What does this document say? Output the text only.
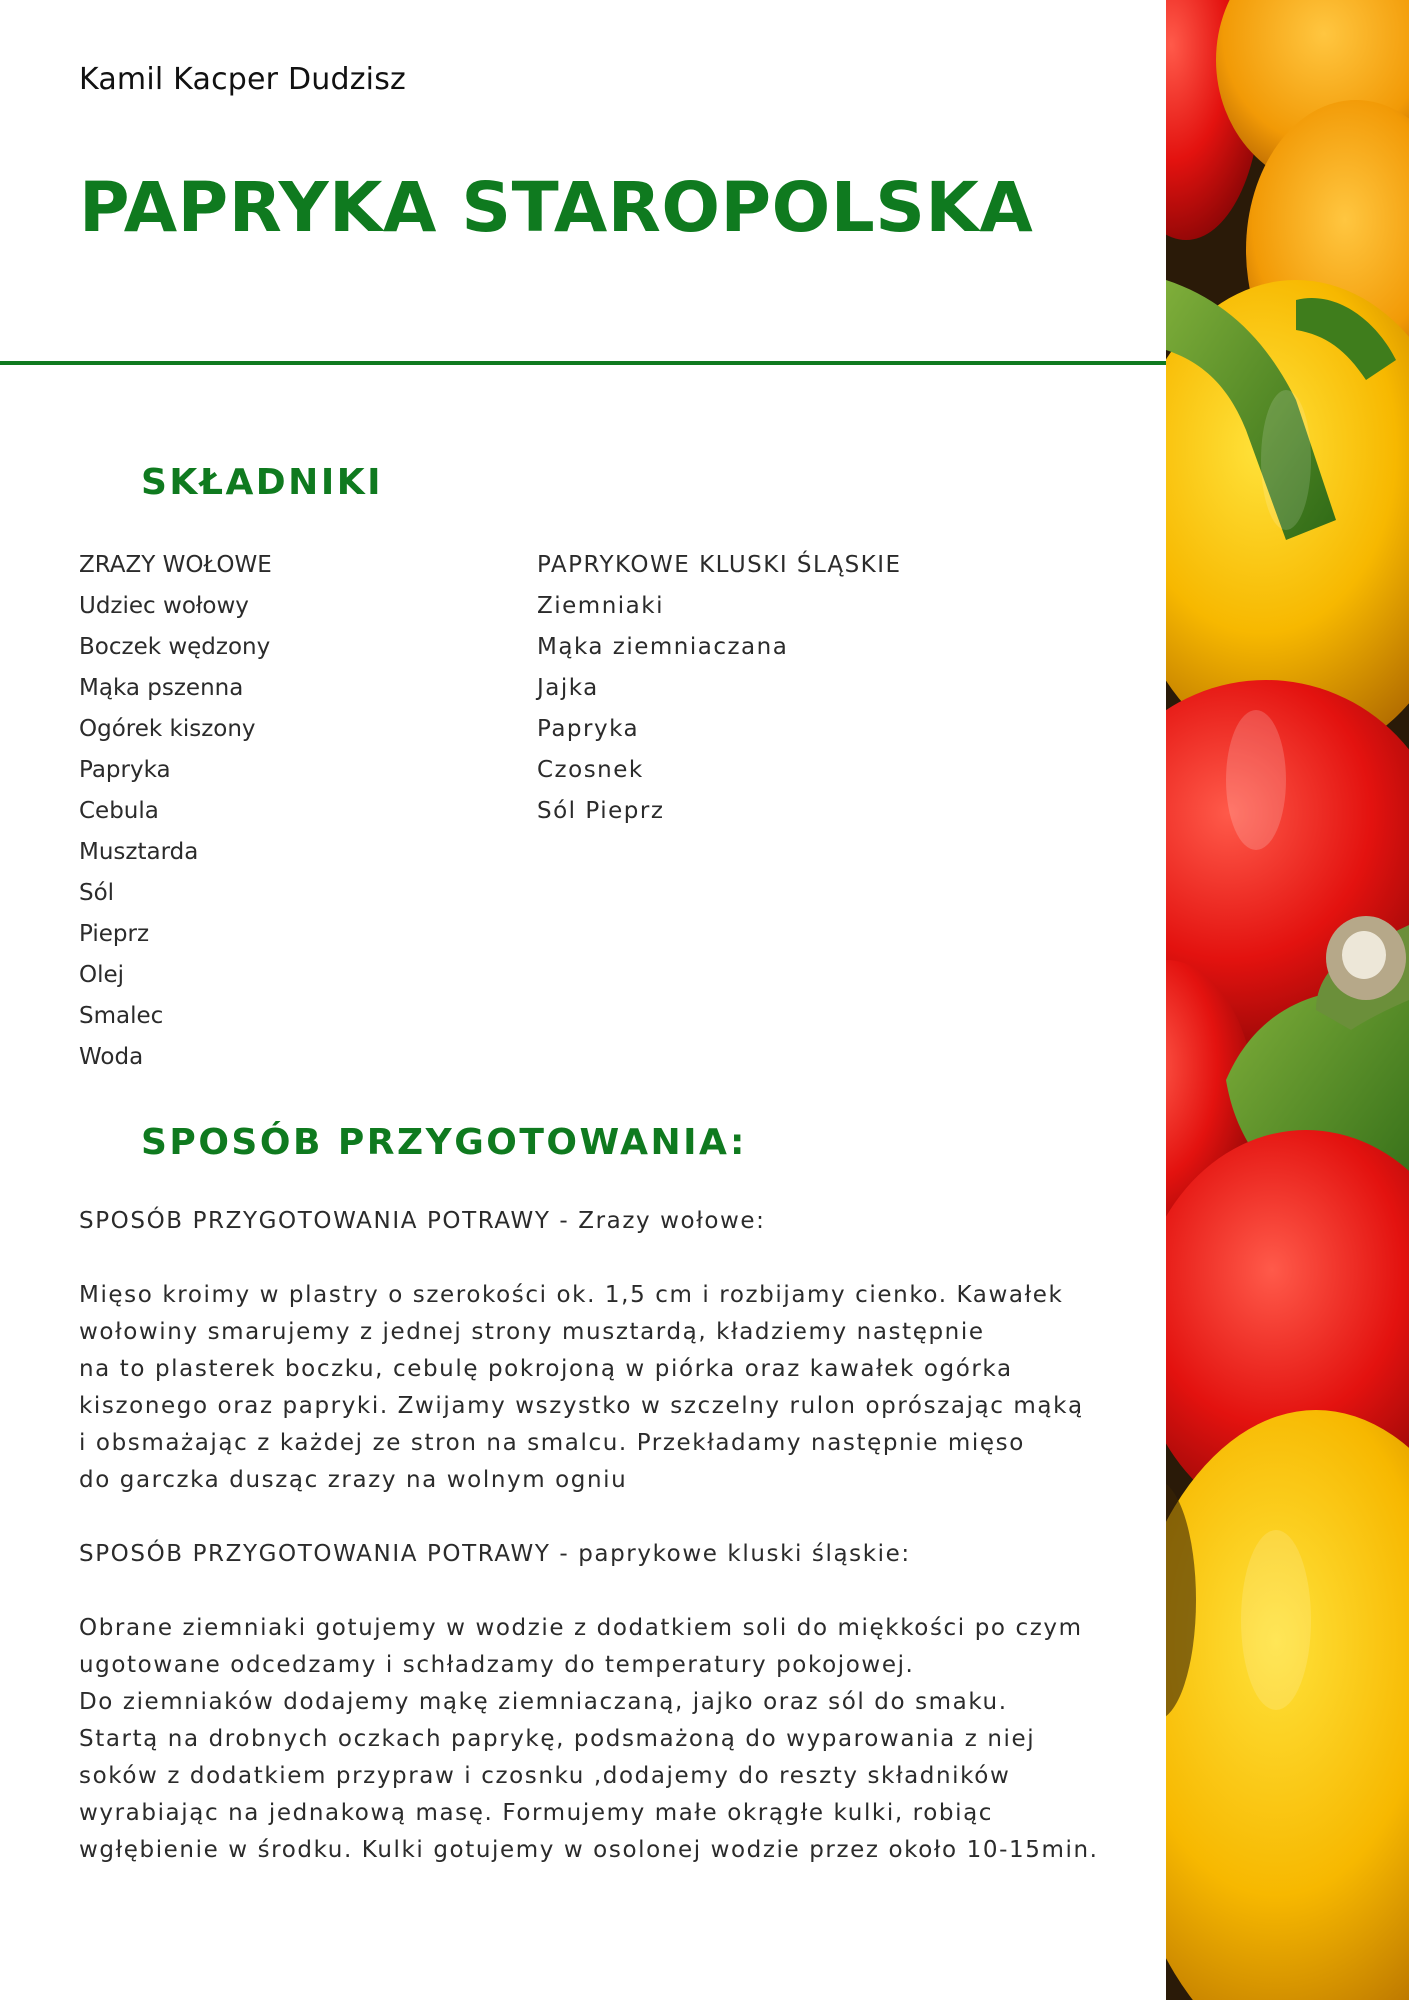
Kamil Kacper Dudzisz
PAPRYKA STAROPOLSKA
SKŁADNIKI
ZRAZY WOŁOWE
Udziec wołowy
Boczek wędzony
Mąka pszenna
Ogórek kiszony
Papryka
Cebula
Musztarda
Sól
Pieprz
Olej
Smalec
Woda
PAPRYKOWE KLUSKI ŚLĄSKIE
Ziemniaki
Mąka ziemniaczana
Jajka
Papryka
Czosnek
Sól Pieprz
SPOSÓB PRZYGOTOWANIA:
SPOSÓB PRZYGOTOWANIA POTRAWY - Zrazy wołowe:
Mięso kroimy w plastry o szerokości ok. 1,5 cm i rozbijamy cienko. Kawałek
wołowiny smarujemy z jednej strony musztardą, kładziemy następnie
na to plasterek boczku, cebulę pokrojoną w piórka oraz kawałek ogórka
kiszonego oraz papryki. Zwijamy wszystko w szczelny rulon oprószając mąką
i obsmażając z każdej ze stron na smalcu. Przekładamy następnie mięso
do garczka dusząc zrazy na wolnym ogniu
SPOSÓB PRZYGOTOWANIA POTRAWY - paprykowe kluski śląskie:
Obrane ziemniaki gotujemy w wodzie z dodatkiem soli do miękkości po czym
ugotowane odcedzamy i schładzamy do temperatury pokojowej.
Do ziemniaków dodajemy mąkę ziemniaczaną, jajko oraz sól do smaku.
Startą na drobnych oczkach paprykę, podsmażoną do wyparowania z niej
soków z dodatkiem przypraw i czosnku ,dodajemy do reszty składników
wyrabiając na jednakową masę. Formujemy małe okrągłe kulki, robiąc
wgłębienie w środku. Kulki gotujemy w osolonej wodzie przez około 10-15min.
